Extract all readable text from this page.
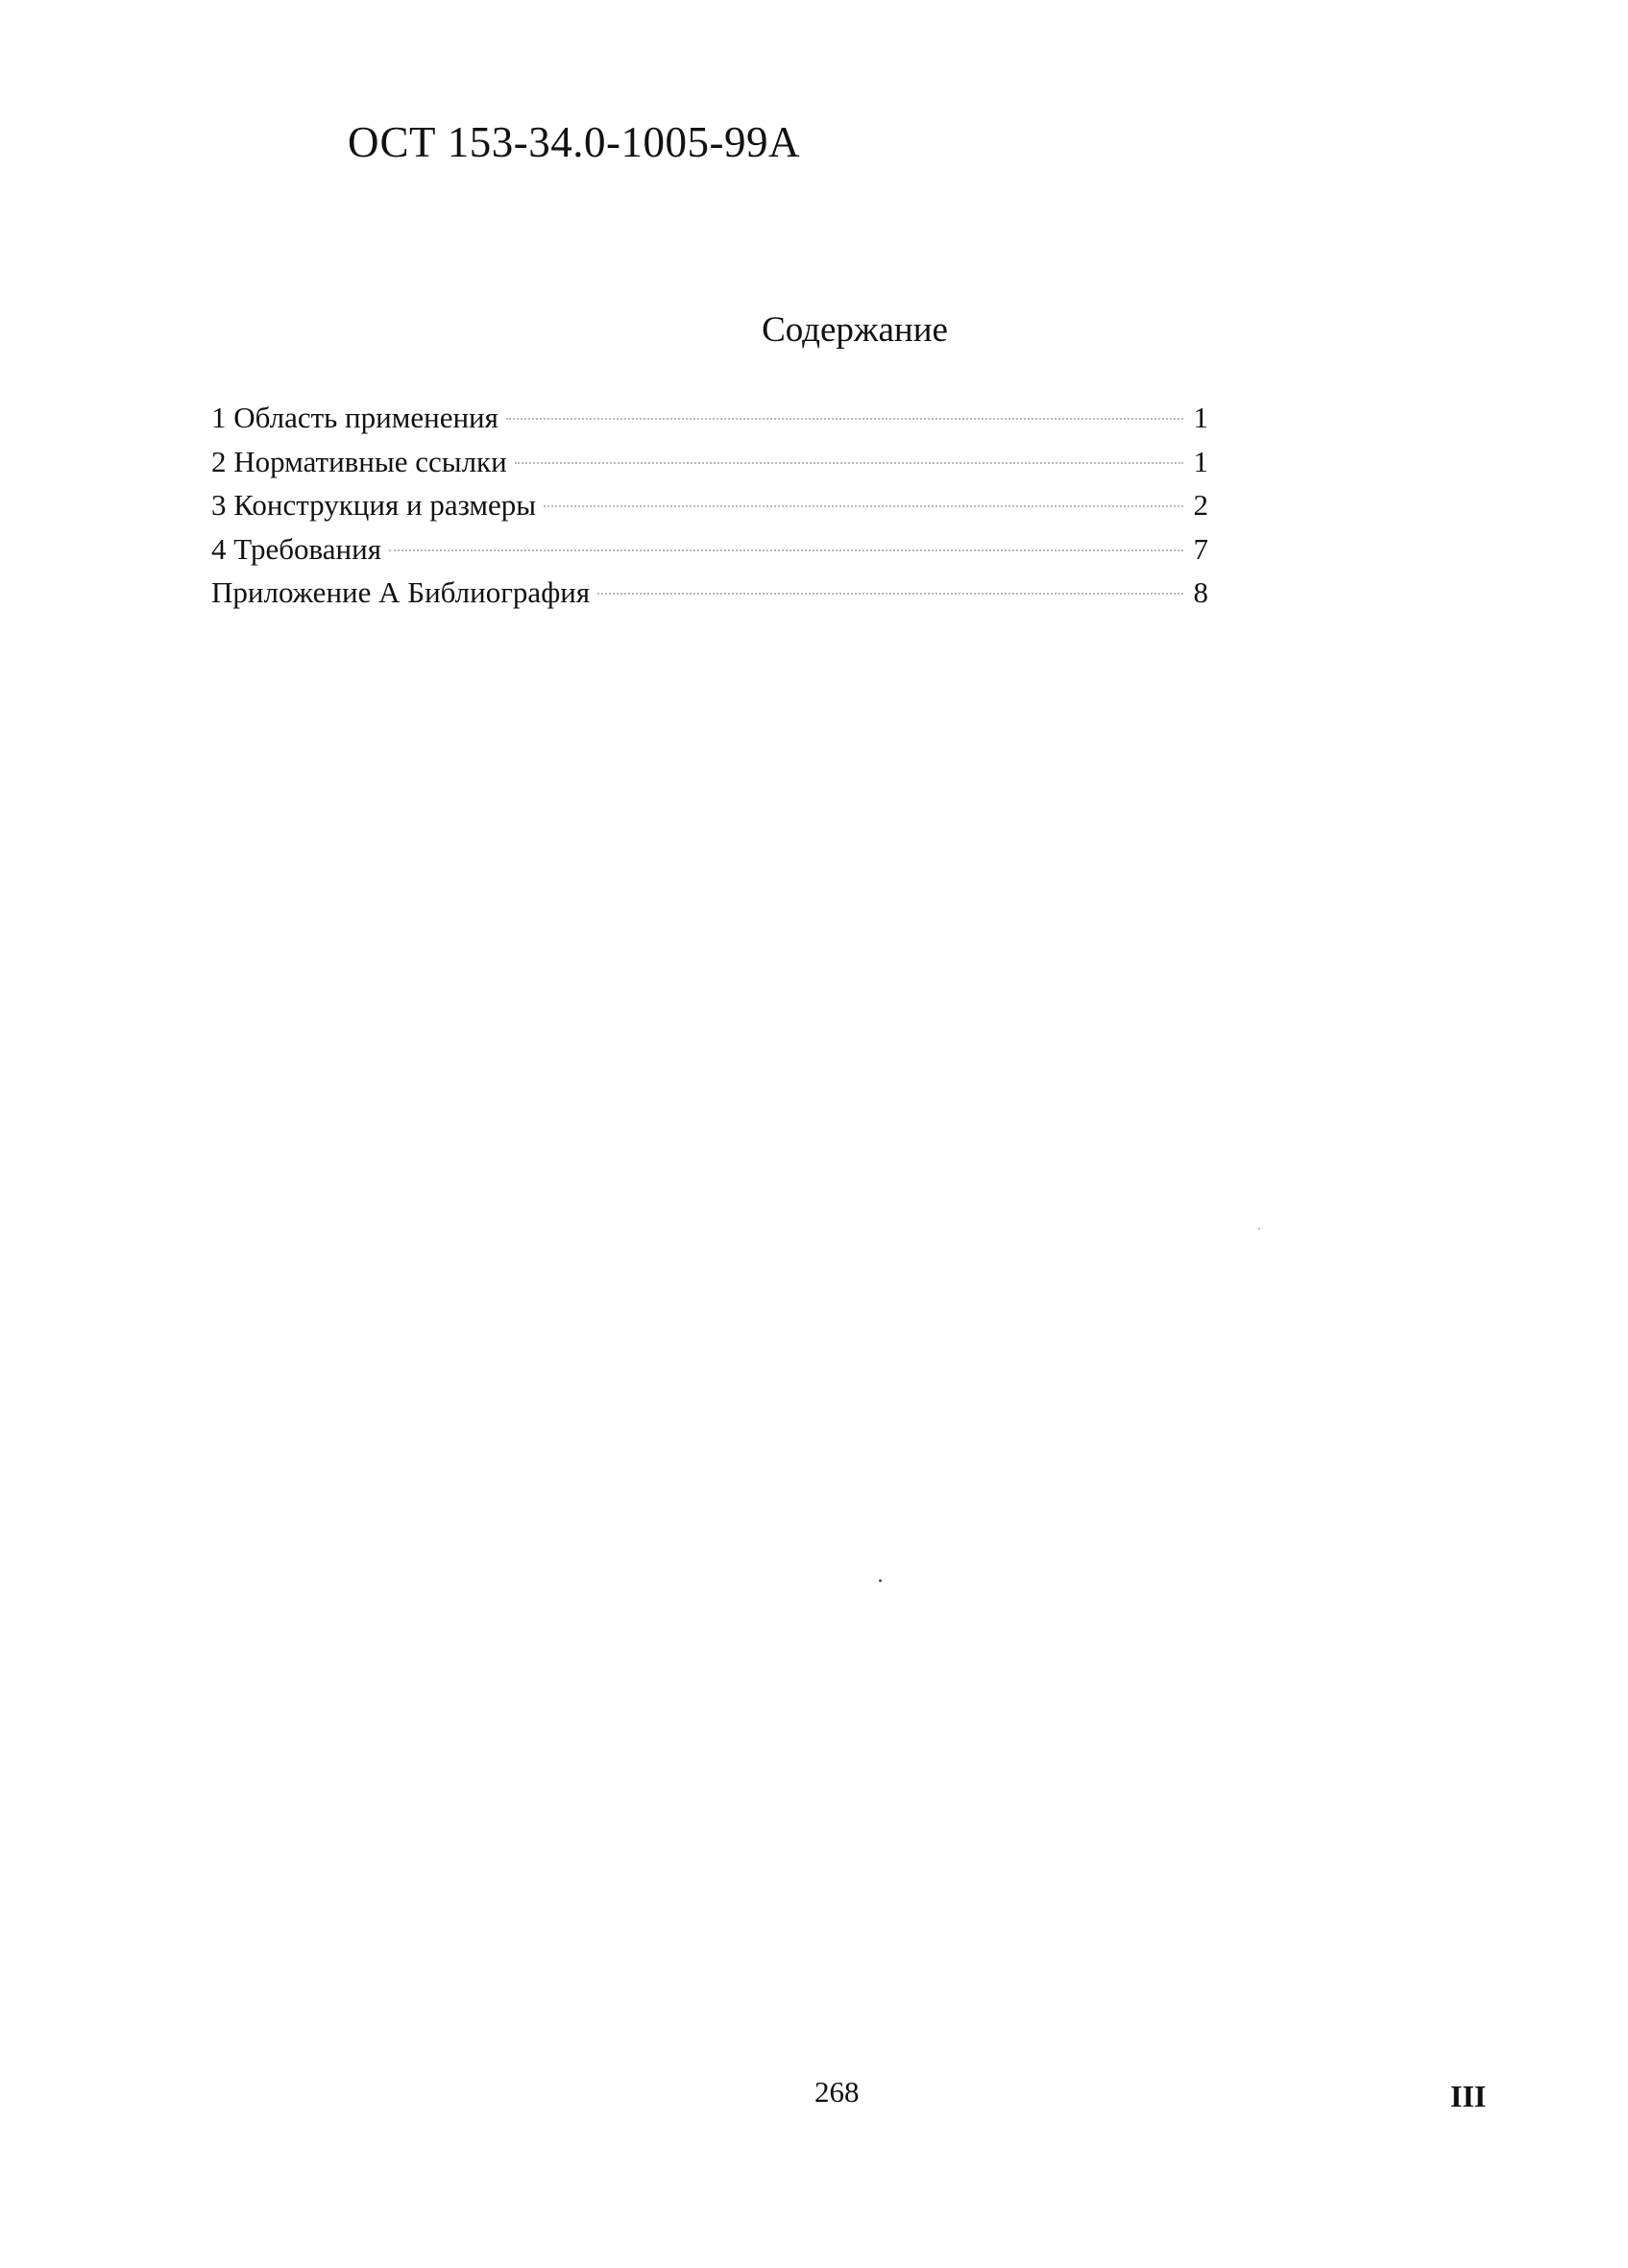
ОСТ 153-34.0-1005-99А
Содержание
1 Область применения	1
2 Нормативные ссылки	1
3 Конструкция и размеры	2
4 Требования	7
Приложение А Библиография	8
268	III
